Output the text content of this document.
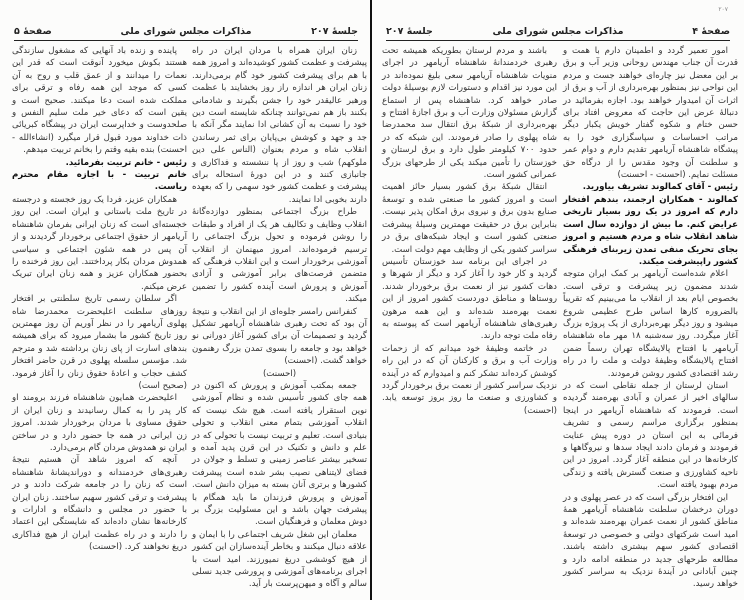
جلسهٔ ۲۰۷
مذاکرات مجلس شورای ملی
صفحهٔ ۵

زنان ایران همراه با مردان ایران در راه پیشرفت و عظمت کشور کوشیده‌اند و امروز همه با هم برای پیشرفت کشور خود گام برمی‌دارند. زنان ایران هر اندازه راز روز بخشایند با عظمت ورهبر عالیقدر خود را جشن بگیرند و شادمانی بکنند باز هم نمی‌توانند چنانکه شایسته است دین خود را نسبت به آن کشانی ادا نمایند مگر آنکه با جد و جهد و کوشش بی‌پایان برای ثمر رساندن انقلاب شاه و مردم بعنوان (الناس علی دین ملوکهم) شب و روز از پا ننشسته و فداکاری و جانبازی کنند و در این دورهٔ استحاله برای پیشرفت و عظمت کشور خود سهمی را که بعهده دارند بخوبی ادا نمایند.

طراح بزرگ اجتماعی بمنظور دوازده‌گانهٔ انقلاب وظایف و تکالیف هر یک از افراد و طبقات را روشن فرموده و تحول بزرگ اجتماعی را ترسیم فرموده‌اند. امروز میهنمان از انقلاب آموزشی برخوردار است و این انقلاب فرهنگی که متضمن فرصت‌های برابر آموزشی و آزادی آموزش و پرورش است آینده کشور را تضمین میکند.

کنفرانس رامسر جلوه‌ای از این انقلاب و نتیجهٔ آن بود که تحت رهبری شاهنشاه آریامهر تشکیل گردید و تصمیمات آن برای کشور آغاز دورانی نو خواهد بود و جامعه را بسوی تمدن بزرگ رهنمون خواهد گشت. (احسنت)

(احسنت)

جمعه بمکتب آموزش و پرورش که اکنون در همه جای کشور تأسیس شده و نظام آموزشی نوین استقرار یافته است. هیچ شک نیست که انقلاب آموزشی بتمام معنی انقلاب و تحولی بنیادی است. تعلیم و تربیت نیست با تحولی که در علم و دانش و تکنیک در این قرن پدید آمده و تسخیر بیشتر عناصر زمینی و تسلط و جولان در فضای لایتناهی نصیب بشر شده است پیشرفت کشورها و برتری آنان بسته به میزان دانش است. آموزش و پرورش فرزندان ما باید همگام با پیشرفت جهان باشد و این مسئولیت بزرگ بر دوش معلمان و فرهنگیان است.

معلمان این شغل شریف اجتماعی را با ایمان و علاقه دنبال میکنند و بخاطر آینده‌سازان این کشور از هیچ کوششی دریغ نمیورزند. امید است با اجرای برنامه‌های آموزشی و پرورشی جدید نسلی سالم و آگاه و میهن‌پرست بار آید.

پاینده و زنده باد آنهایی که مشغول سازندگی هستند بکوش میخورد آنوقت است که قدر این نعمات را میدانند و از عمق قلب و روح به آن کسی که موجد این همه رفاه و ترقی برای مملکت شده است دعا میکنند. صحیح است و یقین است که دعای خیر ملت سلیم النفس و صلحدوست و خداپرست ایران در پیشگاه کبریائی ذات خداوند مورد قبول قرار میگیرد (انشاءالله - احسنت) بنده بقیه وقتم را بخانم تربیت میدهم.

رئیس - خانم تربیت بفرمائید.

خانم تربیت - با اجازه مقام محترم ریاست.

همکاران عزیز، فردا یک روز خجسته و درجسته در تاریخ ملت باستانی و ایران است. این روز خجسته‌ای است که زنان ایرانی بفرمان شاهنشاه آریامهر از حقوق اجتماعی برخوردار گردیدند و از آن پس در همه شئون اجتماعی و سیاسی همدوش مردان بکار پرداختند. این روز فرخنده را بحضور همکاران عزیز و همه زنان ایران تبریک عرض میکنم.

اگر سلطان رسمی تاریخ سلطنتی بر افتخار روزهای سلطنت اعلیحضرت محمدرضا شاه پهلوی آریامهر را در نظر آوریم آن روز مهمترین روز تاریخ کشور ما بشمار میرود که برای همیشه بندهای اسارت از پای زنان برداشته شد و مترجم شد. مؤسس سلسله پهلوی در قرن حاضر افتخار کشف حجاب و اعادهٔ حقوق زنان را آغاز فرمود. (صحیح است)

اعلیحضرت همایون شاهنشاه فرزند برومند او کار پدر را به کمال رسانیدند و زنان ایران از حقوق مساوی با مردان برخوردار شدند. امروز زن ایرانی در همه جا حضور دارد و در ساختن ایران نو همدوش مردان گام برمی‌دارد.

آنچه که امروز شاهد آن هستیم نتیجهٔ رهبری‌های خردمندانه و دوراندیشانهٔ شاهنشاه است که زنان را در جامعه شرکت دادند و در پیشرفت و ترقی کشور سهیم ساختند. زنان ایران با حضور در مجلس و دانشگاه و ادارات و کارخانه‌ها نشان داده‌اند که شایستگی این اعتماد را دارند و در راه عظمت ایران از هیچ فداکاری دریغ نخواهند کرد. (احسنت)

۲۰۷
صفحهٔ ۴
مذاکرات مجلس شورای ملی
جلسهٔ ۲۰۷

امور تعمیر گردد و اطمینان دارم با همت و قدرت آن جناب مهندس روحانی وزیر آب و برق بر این معضل نیز چاره‌ای خواهند جست و مردم این نواحی نیز بمنظور بهره‌برداری از آب و برق از اثرات آن امیدوار خواهند بود. اجازه بفرمائید در دنبالهٔ عرض این حاجت که معروض افتاد برای حسن ختام و شکوه گفتار خویش یکبار دیگر مراتب احساسات و سپاسگزاری خود را به پیشگاه شاهنشاه آریامهر تقدیم دارم و دوام عمر و سلطنت آن وجود مقدس را از درگاه حق مسئلت نمایم. (احسنت - احسنت)

رئیس - آقای کمالوند تشریف بیاورید.

کمالوند - همکاران ارجمند، بندهم افتخار دارم که امروز در یک روز بسیار تاریخی عرایض کنم. ما بیش از دوازده سال است شاهد انقلاب شاه و مردم هستیم و امروز بجای تحریک منفی تمدن زیربنای فرهنگی کشور راپیشرفت میکند.

اعلام شده‌است آریامهر بر کمک ایران متوجه شدند مضمون زیر پیشرفت و ترقی است. بخصوص ایام بعد از انقلاب ما می‌بینیم که تقریباً بالضروره کارها اساس طرح عظیمی شروع میشود و روز دیگر بهره‌برداری از یک پروژه بزرگ آغاز میگردد. روز سه‌شنبه ۱۸ مهر ماه شاهنشاه آریامهر با افتتاح پالایشگاه تهران رسماً ضمن افتتاح پالایشگاه وظیفهٔ دولت و ملت را در راه رشد اقتصادی کشور روشن فرمودند.

استان لرستان از جمله نقاطی است که در سالهای اخیر از عمران و آبادی بهره‌مند گردیده است. فرمودند که شاهنشاه آریامهر در اینجا بمنظور برگزاری مراسم رسمی و تشریف فرمائی به این استان در دوره پیش عنایت فرمودند و فرمان دادند ایجاد سدها و نیروگاهها و کارخانه‌ها در این منطقه آغاز گردد. امروز در این ناحیه کشاورزی و صنعت گسترش یافته و زندگی مردم بهبود یافته است.

این افتخار بزرگی است که در عصر پهلوی و در دوران درخشان سلطنت شاهنشاه آریامهر همهٔ مناطق کشور از نعمت عمران بهره‌مند شده‌اند و امید است شرکتهای دولتی و خصوصی در توسعهٔ اقتصادی کشور سهم بیشتری داشته باشند. مطالعه طرحهای جدید در منطقه ادامه دارد و چنین آبادانی در آیندهٔ نزدیک به سراسر کشور خواهد رسید.

باشند و مردم لرستان بطوریکه همیشه تحت رهبری خردمندانهٔ شاهنشاه آریامهر در اجرای منویات شاهنشاه آریامهر سعی بلیغ نموده‌اند در این مورد نیز اقدام و دستورات لازم بوسیلهٔ دولت صادر خواهد کرد. شاهنشاه پس از استماع گزارش مسئولان وزارت آب و برق اجازهٔ افتتاح و بهره‌برداری از شبکهٔ برق انتقال سد محمدرضا شاه پهلوی را صادر فرمودند. این شبکه که در حدود ۷۰۰ کیلومتر طول دارد و برق لرستان و خوزستان را تأمین میکند یکی از طرحهای بزرگ عمرانی کشور است.

انتقال شبکهٔ برق کشور بسیار حائز اهمیت است و امروز کشور ما صنعتی شده و توسعهٔ صنایع بدون برق و نیروی برق امکان پذیر نیست. بنابراین برق در حقیقت مهمترین وسیلهٔ پیشرفت صنعتی کشور است و ایجاد شبکه‌های برق در سراسر کشور یکی از وظایف مهم دولت است.

در اجرای این برنامه سد خوزستان تأسیس گردید و کار خود را آغاز کرد و دیگر از شهرها و دهات کشور نیز از نعمت برق برخوردار شدند. روستاها و مناطق دوردست کشور امروز از این نعمت بهره‌مند شده‌اند و این همه مرهون رهبری‌های شاهنشاه آریامهر است که پیوسته به رفاه ملت توجه دارند.

در خاتمه وظیفهٔ خود میدانم که از زحمات وزارت آب و برق و کارکنان آن که در این راه کوشش کرده‌اند تشکر کنم و امیدوارم که در آینده نزدیک سراسر کشور از نعمت برق برخوردار گردد و کشاورزی و صنعت ما روز بروز توسعه یابد. (احسنت)
